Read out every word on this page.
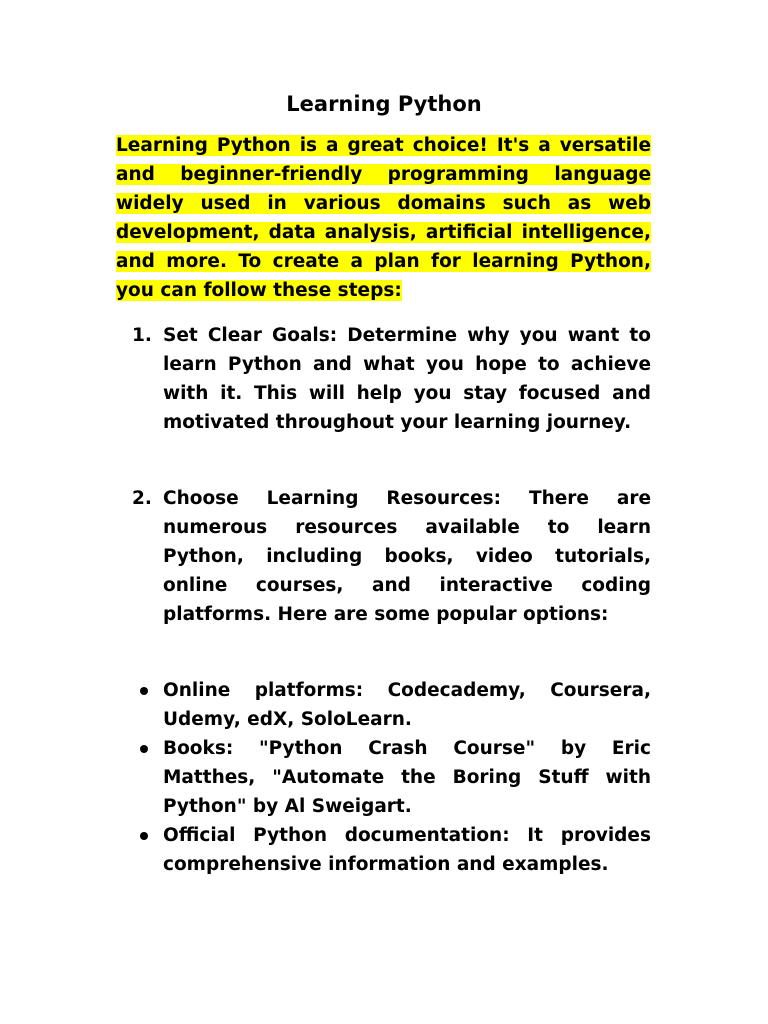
Learning Python
Learning Python is a great choice! It's a versatile and beginner-friendly programming language widely used in various domains such as web development, data analysis, artificial intelligence, and more. To create a plan for learning Python, you can follow these steps:
1. Set Clear Goals: Determine why you want to learn Python and what you hope to achieve with it. This will help you stay focused and motivated throughout your learning journey.
2. Choose Learning Resources: There are numerous resources available to learn Python, including books, video tutorials, online courses, and interactive coding platforms. Here are some popular options:
Online platforms: Codecademy, Coursera, Udemy, edX, SoloLearn.
Books: "Python Crash Course" by Eric Matthes, "Automate the Boring Stuff with Python" by Al Sweigart.
Official Python documentation: It provides comprehensive information and examples.
